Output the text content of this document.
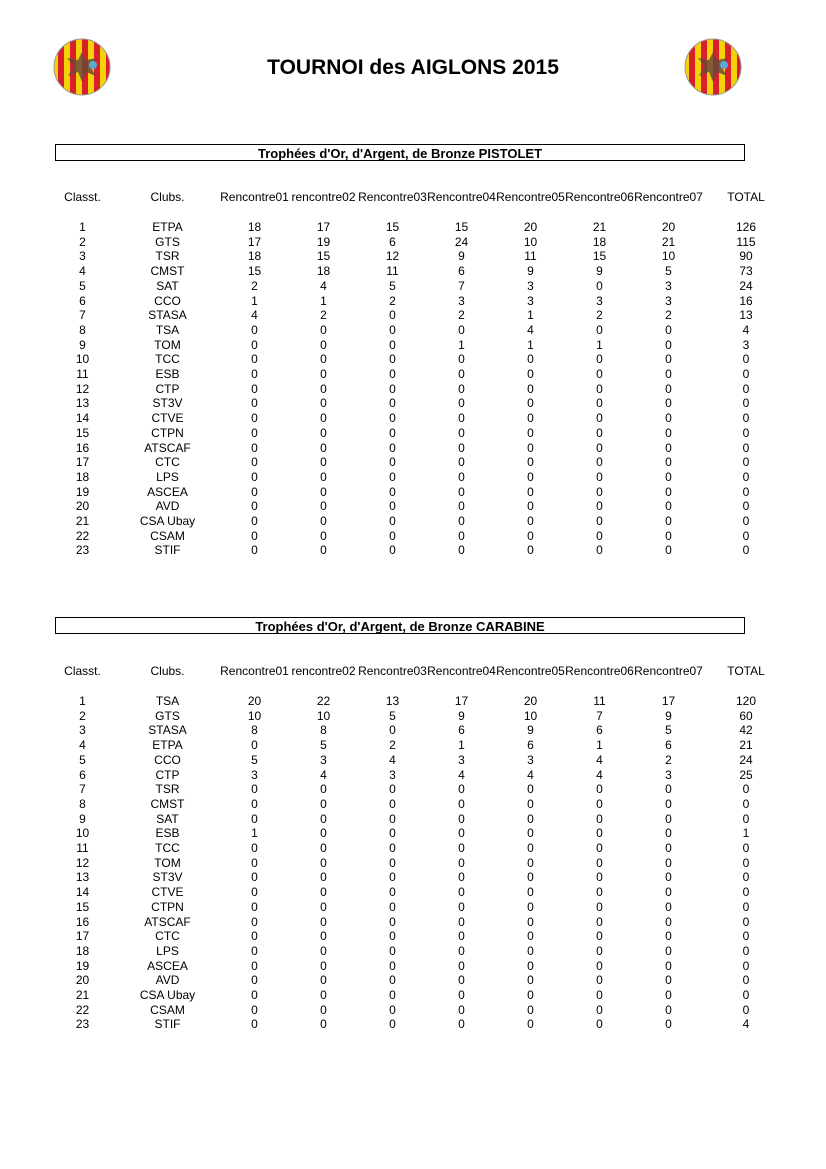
TOURNOI des AIGLONS 2015
Trophées d'Or, d'Argent, de Bronze PISTOLET
Classt.	Clubs.	Rencontre01	rencontre02	Rencontre03	Rencontre04	Rencontre05	Rencontre06	Rencontre07	TOTAL

1	ETPA	18	17	15	15	20	21	20	126
2	GTS	17	19	6	24	10	18	21	115
3	TSR	18	15	12	9	11	15	10	90
4	CMST	15	18	11	6	9	9	5	73
5	SAT	2	4	5	7	3	0	3	24
6	CCO	1	1	2	3	3	3	3	16
7	STASA	4	2	0	2	1	2	2	13
8	TSA	0	0	0	0	4	0	0	4
9	TOM	0	0	0	1	1	1	0	3
10	TCC	0	0	0	0	0	0	0	0
11	ESB	0	0	0	0	0	0	0	0
12	CTP	0	0	0	0	0	0	0	0
13	ST3V	0	0	0	0	0	0	0	0
14	CTVE	0	0	0	0	0	0	0	0
15	CTPN	0	0	0	0	0	0	0	0
16	ATSCAF	0	0	0	0	0	0	0	0
17	CTC	0	0	0	0	0	0	0	0
18	LPS	0	0	0	0	0	0	0	0
19	ASCEA	0	0	0	0	0	0	0	0
20	AVD	0	0	0	0	0	0	0	0
21	CSA Ubay	0	0	0	0	0	0	0	0
22	CSAM	0	0	0	0	0	0	0	0
23	STIF	0	0	0	0	0	0	0	0
Trophées d'Or, d'Argent, de Bronze CARABINE
Classt.	Clubs.	Rencontre01	rencontre02	Rencontre03	Rencontre04	Rencontre05	Rencontre06	Rencontre07	TOTAL

1	TSA	20	22	13	17	20	11	17	120
2	GTS	10	10	5	9	10	7	9	60
3	STASA	8	8	0	6	9	6	5	42
4	ETPA	0	5	2	1	6	1	6	21
5	CCO	5	3	4	3	3	4	2	24
6	CTP	3	4	3	4	4	4	3	25
7	TSR	0	0	0	0	0	0	0	0
8	CMST	0	0	0	0	0	0	0	0
9	SAT	0	0	0	0	0	0	0	0
10	ESB	1	0	0	0	0	0	0	1
11	TCC	0	0	0	0	0	0	0	0
12	TOM	0	0	0	0	0	0	0	0
13	ST3V	0	0	0	0	0	0	0	0
14	CTVE	0	0	0	0	0	0	0	0
15	CTPN	0	0	0	0	0	0	0	0
16	ATSCAF	0	0	0	0	0	0	0	0
17	CTC	0	0	0	0	0	0	0	0
18	LPS	0	0	0	0	0	0	0	0
19	ASCEA	0	0	0	0	0	0	0	0
20	AVD	0	0	0	0	0	0	0	0
21	CSA Ubay	0	0	0	0	0	0	0	0
22	CSAM	0	0	0	0	0	0	0	0
23	STIF	0	0	0	0	0	0	0	4
